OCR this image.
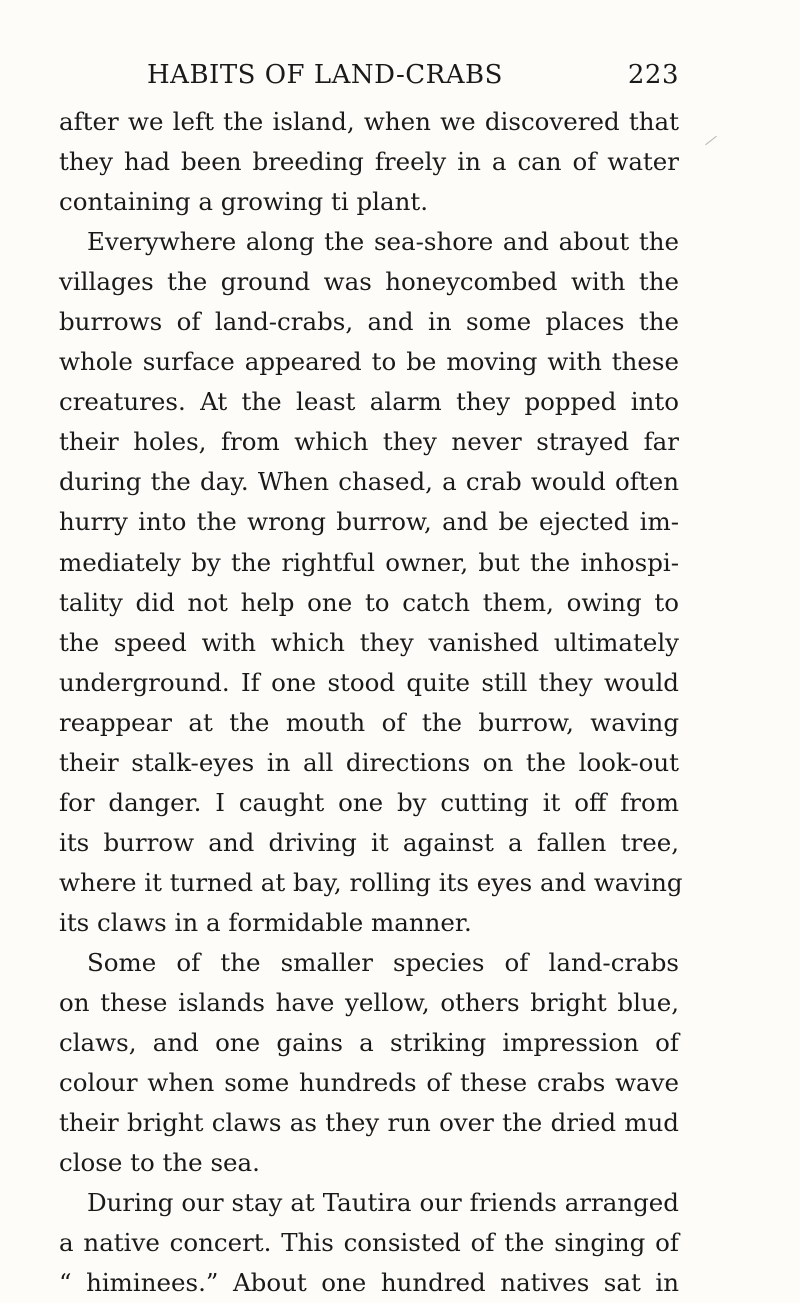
HABITS OF LAND-CRABS	223
after we left the island, when we discovered that
they had been breeding freely in a can of water
containing a growing ti plant.
Everywhere along the sea-shore and about the
villages the ground was honeycombed with the
burrows of land-crabs, and in some places the
whole surface appeared to be moving with these
creatures. At the least alarm they popped into
their holes, from which they never strayed far
during the day. When chased, a crab would often
hurry into the wrong burrow, and be ejected im-
mediately by the rightful owner, but the inhospi-
tality did not help one to catch them, owing to
the speed with which they vanished ultimately
underground. If one stood quite still they would
reappear at the mouth of the burrow, waving
their stalk-eyes in all directions on the look-out
for danger. I caught one by cutting it off from
its burrow and driving it against a fallen tree,
where it turned at bay, rolling its eyes and waving
its claws in a formidable manner.
Some of the smaller species of land-crabs
on these islands have yellow, others bright blue,
claws, and one gains a striking impression of
colour when some hundreds of these crabs wave
their bright claws as they run over the dried mud
close to the sea.
During our stay at Tautira our friends arranged
a native concert. This consisted of the singing of
“ himinees.” About one hundred natives sat in
